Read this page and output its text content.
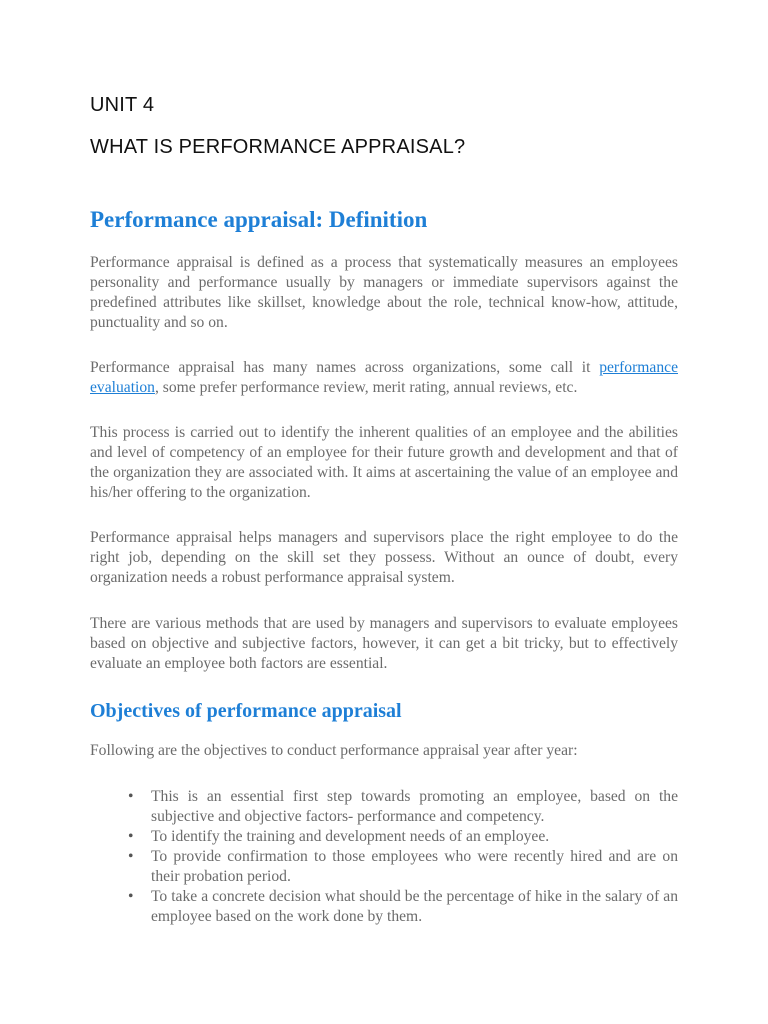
UNIT 4
WHAT IS PERFORMANCE APPRAISAL?
Performance appraisal: Definition

Performance appraisal is defined as a process that systematically measures an employees personality and performance usually by managers or immediate supervisors against the predefined attributes like skillset, knowledge about the role, technical know-how, attitude, punctuality and so on.

Performance appraisal has many names across organizations, some call it performance evaluation, some prefer performance review, merit rating, annual reviews, etc.

This process is carried out to identify the inherent qualities of an employee and the abilities and level of competency of an employee for their future growth and development and that of the organization they are associated with. It aims at ascertaining the value of an employee and his/her offering to the organization.

Performance appraisal helps managers and supervisors place the right employee to do the right job, depending on the skill set they possess. Without an ounce of doubt, every organization needs a robust performance appraisal system.

There are various methods that are used by managers and supervisors to evaluate employees based on objective and subjective factors, however, it can get a bit tricky, but to effectively evaluate an employee both factors are essential.

Objectives of performance appraisal

Following are the objectives to conduct performance appraisal year after year:

• This is an essential first step towards promoting an employee, based on the subjective and objective factors- performance and competency.
• To identify the training and development needs of an employee.
• To provide confirmation to those employees who were recently hired and are on their probation period.
• To take a concrete decision what should be the percentage of hike in the salary of an employee based on the work done by them.
